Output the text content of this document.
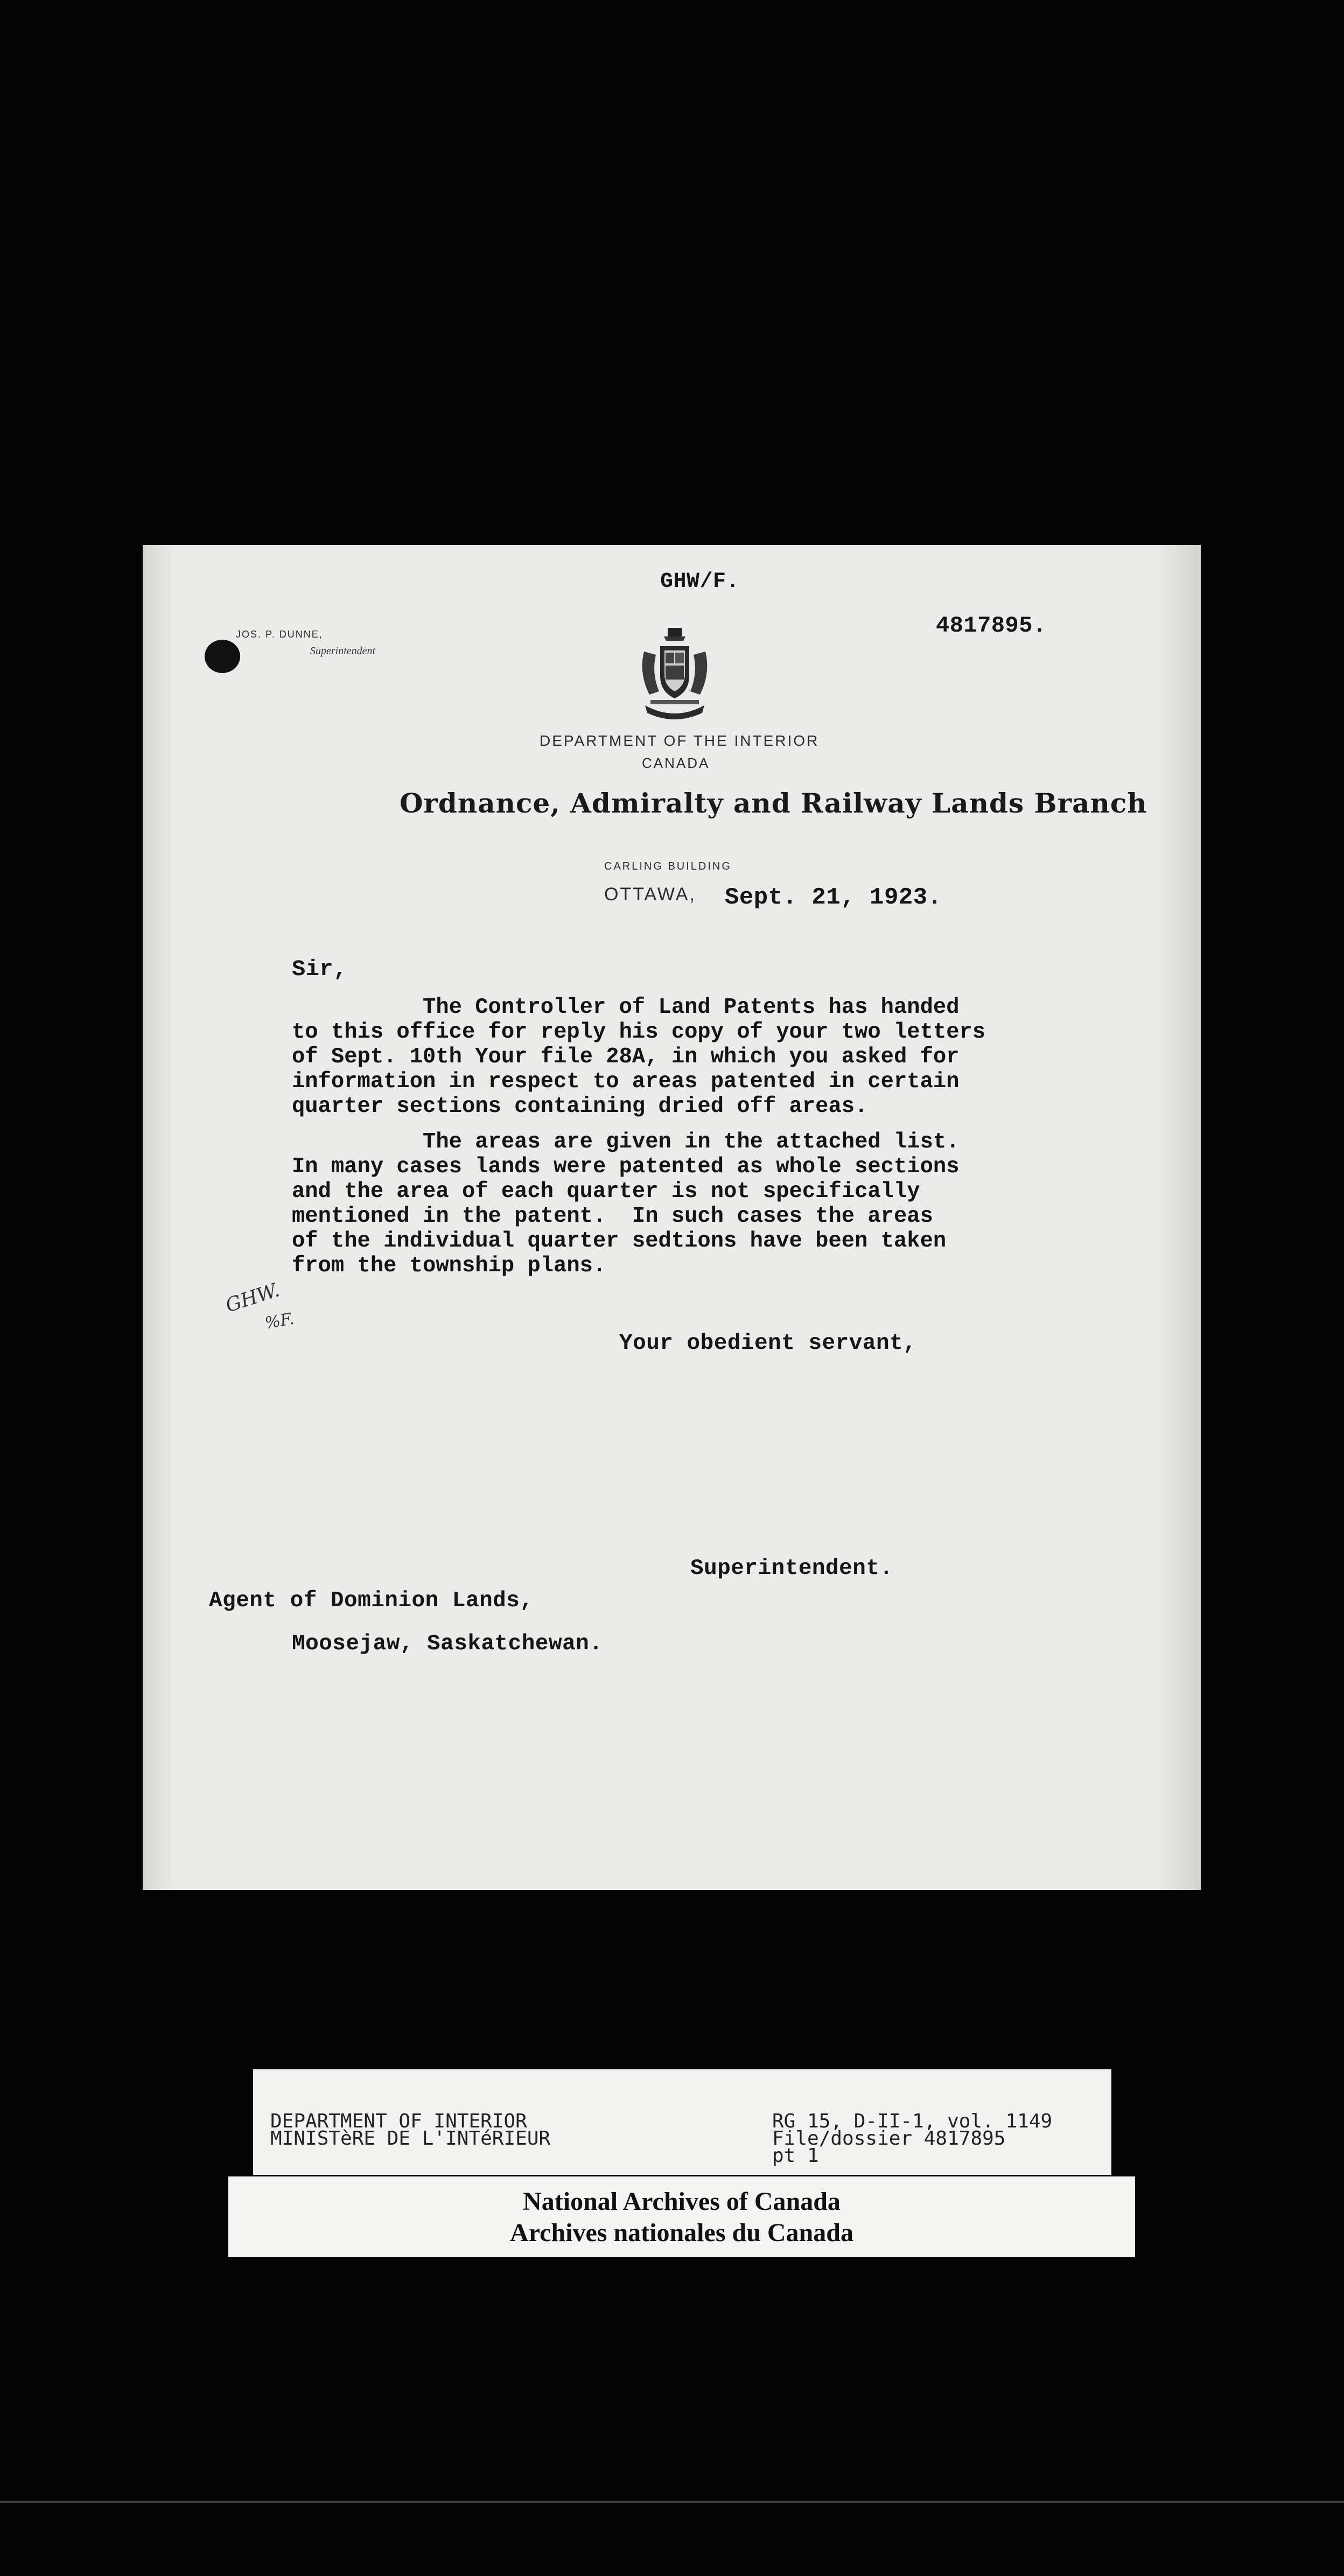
GHW/F.
4817895.
JOS. P. DUNNE,
Superintendent
DEPARTMENT OF THE INTERIOR
CANADA
Ordnance, Admiralty and Railway Lands Branch
CARLING BUILDING
OTTAWA, Sept. 21, 1923.
Sir,
The Controller of Land Patents has handed
to this office for reply his copy of your two letters
of Sept. 10th Your file 28A, in which you asked for
information in respect to areas patented in certain
quarter sections containing dried off areas.
The areas are given in the attached list.
In many cases lands were patented as whole sections
and the area of each quarter is not specifically
mentioned in the patent.  In such cases the areas
of the individual quarter sedtions have been taken
from the township plans.
GHW.
%F.
Your obedient servant,
Superintendent.
Agent of Dominion Lands,
Moosejaw, Saskatchewan.
DEPARTMENT OF INTERIOR
MINISTèRE DE L'INTéRIEUR
RG 15, D-II-1, vol. 1149
File/dossier 4817895
pt 1
National Archives of Canada
Archives nationales du Canada
